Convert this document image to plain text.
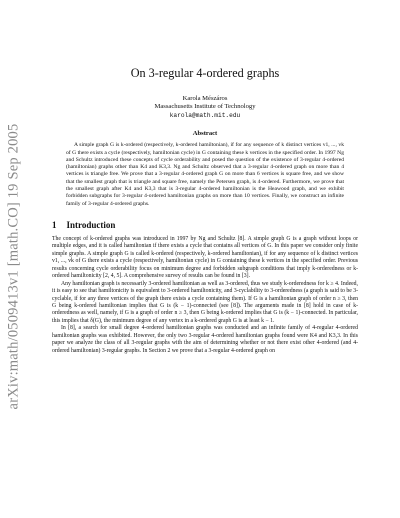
arXiv:math/0509413v1 [math.CO] 19 Sep 2005
On 3-regular 4-ordered graphs
Karola Mészáros
Massachusetts Institute of Technology
karola@math.mit.edu
Abstract

A simple graph G is k-ordered (respectively, k-ordered hamiltonian), if for any sequence of k distinct vertices v1, ..., vk of G there exists a cycle (respectively, hamiltonian cycle) in G containing these k vertices in the specified order. In 1997 Ng and Schultz introduced these concepts of cycle orderability and posed the question of the existence of 3-regular 4-ordered (hamiltonian) graphs other than K4 and K3,3. Ng and Schultz observed that a 3-regular 4-ordered graph on more than 4 vertices is triangle free. We prove that a 3-regular 4-ordered graph G on more than 6 vertices is square free, and we show that the smallest graph that is triangle and square free, namely the Petersen graph, is 4-ordered. Furthermore, we prove that the smallest graph after K4 and K3,3 that is 3-regular 4-ordered hamiltonian is the Heawood graph, and we exhibit forbidden subgraphs for 3-regular 4-ordered hamiltonian graphs on more than 10 vertices. Finally, we construct an infinite family of 3-regular 4-ordered graphs.

1 Introduction

The concept of k-ordered graphs was introduced in 1997 by Ng and Schultz [8]. A simple graph G is a graph without loops or multiple edges, and it is called hamiltonian if there exists a cycle that contains all vertices of G. In this paper we consider only finite simple graphs. A simple graph G is called k-ordered (respectively, k-ordered hamiltonian), if for any sequence of k distinct vertices v1, ..., vk of G there exists a cycle (respectively, hamiltonian cycle) in G containing these k vertices in the specified order. Previous results concerning cycle orderability focus on minimum degree and forbidden subgraph conditions that imply k-orderedness or k-ordered hamiltonicity [2, 4, 5]. A comprehensive survey of results can be found in [3].

Any hamiltonian graph is necessarily 3-ordered hamiltonian as well as 3-ordered, thus we study k-orderedness for k ≥ 4. Indeed, it is easy to see that hamiltonicity is equivalent to 3-ordered hamiltonicity, and 3-cyclability to 3-orderedness (a graph is said to be 3-cyclable, if for any three vertices of the graph there exists a cycle containing them). If G is a hamiltonian graph of order n ≥ 3, then G being k-ordered hamiltonian implies that G is (k − 1)-connected (see [8]). The arguments made in [8] hold in case of k-orderedness as well, namely, if G is a graph of order n ≥ 3, then G being k-ordered implies that G is (k − 1)-connected. In particular, this implies that δ(G), the minimum degree of any vertex in a k-ordered graph G is at least k − 1.

In [8], a search for small degree 4-ordered hamiltonian graphs was conducted and an infinite family of 4-regular 4-ordered hamiltonian graphs was exhibited. However, the only two 3-regular 4-ordered hamiltonian graphs found were K4 and K3,3. In this paper we analyze the class of all 3-regular graphs with the aim of determining whether or not there exist other 4-ordered (and 4-ordered hamiltonian) 3-regular graphs. In Section 2 we prove that a 3-regular 4-ordered graph on
